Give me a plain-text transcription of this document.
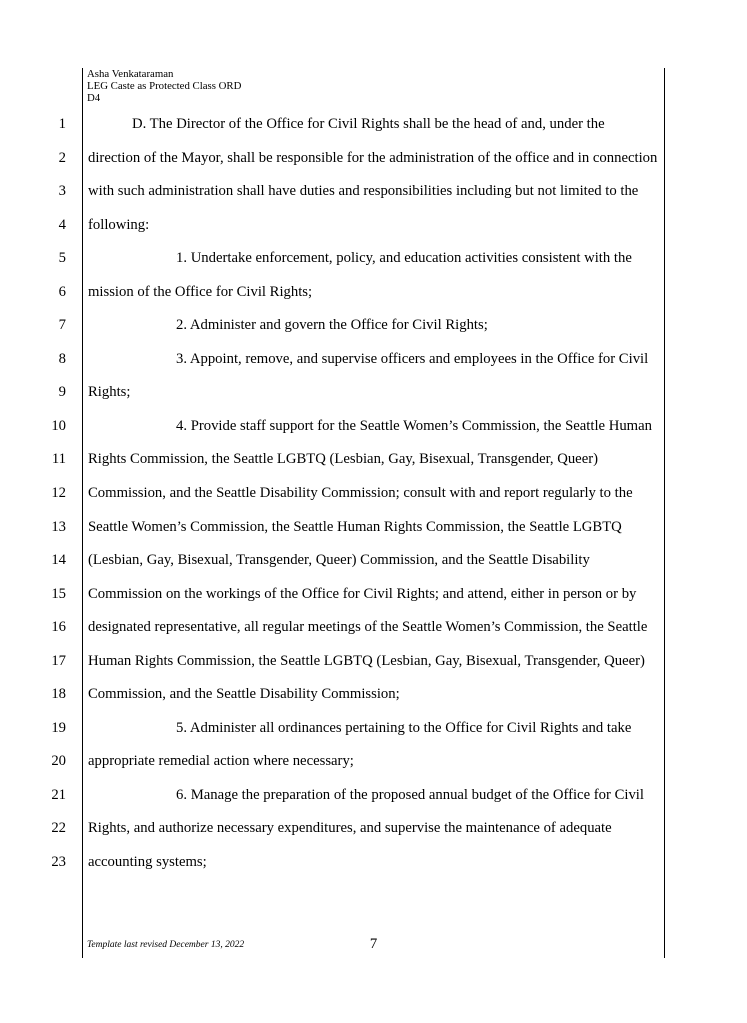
Asha Venkataraman
LEG Caste as Protected Class ORD
D4
1	D. The Director of the Office for Civil Rights shall be the head of and, under the
2 direction of the Mayor, shall be responsible for the administration of the office and in connection
3 with such administration shall have duties and responsibilities including but not limited to the
4 following:
5	1. Undertake enforcement, policy, and education activities consistent with the
6 mission of the Office for Civil Rights;
7	2. Administer and govern the Office for Civil Rights;
8	3. Appoint, remove, and supervise officers and employees in the Office for Civil
9 Rights;
10	4. Provide staff support for the Seattle Women’s Commission, the Seattle Human
11 Rights Commission, the Seattle LGBTQ (Lesbian, Gay, Bisexual, Transgender, Queer)
12 Commission, and the Seattle Disability Commission; consult with and report regularly to the
13 Seattle Women’s Commission, the Seattle Human Rights Commission, the Seattle LGBTQ
14 (Lesbian, Gay, Bisexual, Transgender, Queer) Commission, and the Seattle Disability
15 Commission on the workings of the Office for Civil Rights; and attend, either in person or by
16 designated representative, all regular meetings of the Seattle Women’s Commission, the Seattle
17 Human Rights Commission, the Seattle LGBTQ (Lesbian, Gay, Bisexual, Transgender, Queer)
18 Commission, and the Seattle Disability Commission;
19	5. Administer all ordinances pertaining to the Office for Civil Rights and take
20 appropriate remedial action where necessary;
21	6. Manage the preparation of the proposed annual budget of the Office for Civil
22 Rights, and authorize necessary expenditures, and supervise the maintenance of adequate
23 accounting systems;
Template last revised December 13, 2022	7
